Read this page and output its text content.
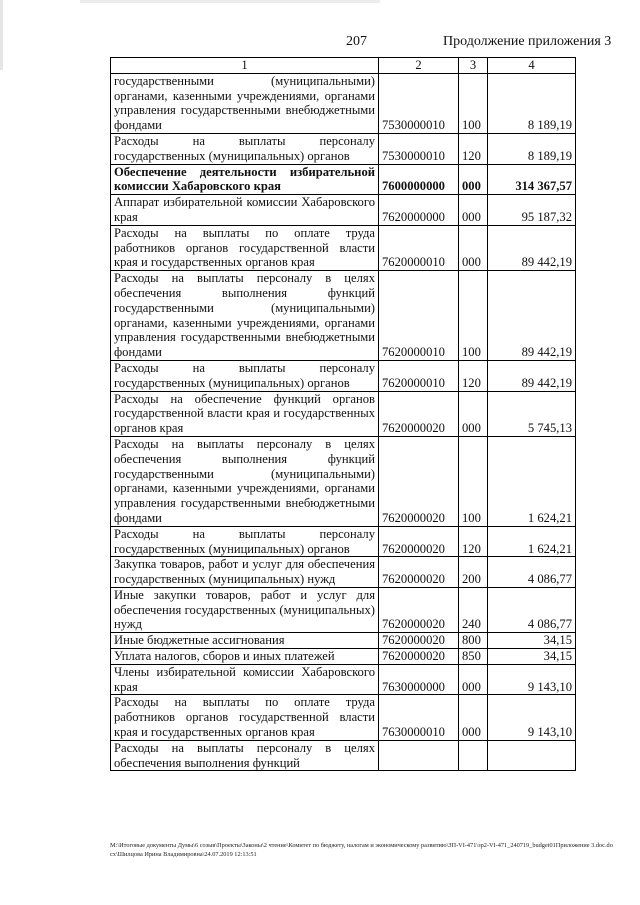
207	Продолжение приложения 3
1	2	3	4
государственными (муниципальными) органами, казенными учреждениями, органами управления государственными внебюджетными фондами	7530000010	100	8 189,19
Расходы на выплаты персоналу государственных (муниципальных) органов	7530000010	120	8 189,19
Обеспечение деятельности избирательной комиссии Хабаровского края	7600000000	000	314 367,57
Аппарат избирательной комиссии Хабаровского края	7620000000	000	95 187,32
Расходы на выплаты по оплате труда работников органов государственной власти края и государственных органов края	7620000010	000	89 442,19
Расходы на выплаты персоналу в целях обеспечения выполнения функций государственными (муниципальными) органами, казенными учреждениями, органами управления государственными внебюджетными фондами	7620000010	100	89 442,19
Расходы на выплаты персоналу государственных (муниципальных) органов	7620000010	120	89 442,19
Расходы на обеспечение функций органов государственной власти края и государственных органов края	7620000020	000	5 745,13
Расходы на выплаты персоналу в целях обеспечения выполнения функций государственными (муниципальными) органами, казенными учреждениями, органами управления государственными внебюджетными фондами	7620000020	100	1 624,21
Расходы на выплаты персоналу государственных (муниципальных) органов	7620000020	120	1 624,21
Закупка товаров, работ и услуг для обеспечения государственных (муниципальных) нужд	7620000020	200	4 086,77
Иные закупки товаров, работ и услуг для обеспечения государственных (муниципальных) нужд	7620000020	240	4 086,77
Иные бюджетные ассигнования	7620000020	800	34,15
Уплата налогов, сборов и иных платежей	7620000020	850	34,15
Члены избирательной комиссии Хабаровского края	7630000000	000	9 143,10
Расходы на выплаты по оплате труда работников органов государственной власти края и государственных органов края	7630000010	000	9 143,10
Расходы на выплаты персоналу в целях обеспечения выполнения функций			
М:\Итоговые документы Думы\6 созыв\Проекты\Законы\2 чтение\Комитет по бюджету, налогам и экономическому развитию\ЗП-VI-471\зр2-VI-471_240719_budget01Приложение 3.doc.docx\Шилцова Ирина Владимировна\24.07.2019 12:13:51
